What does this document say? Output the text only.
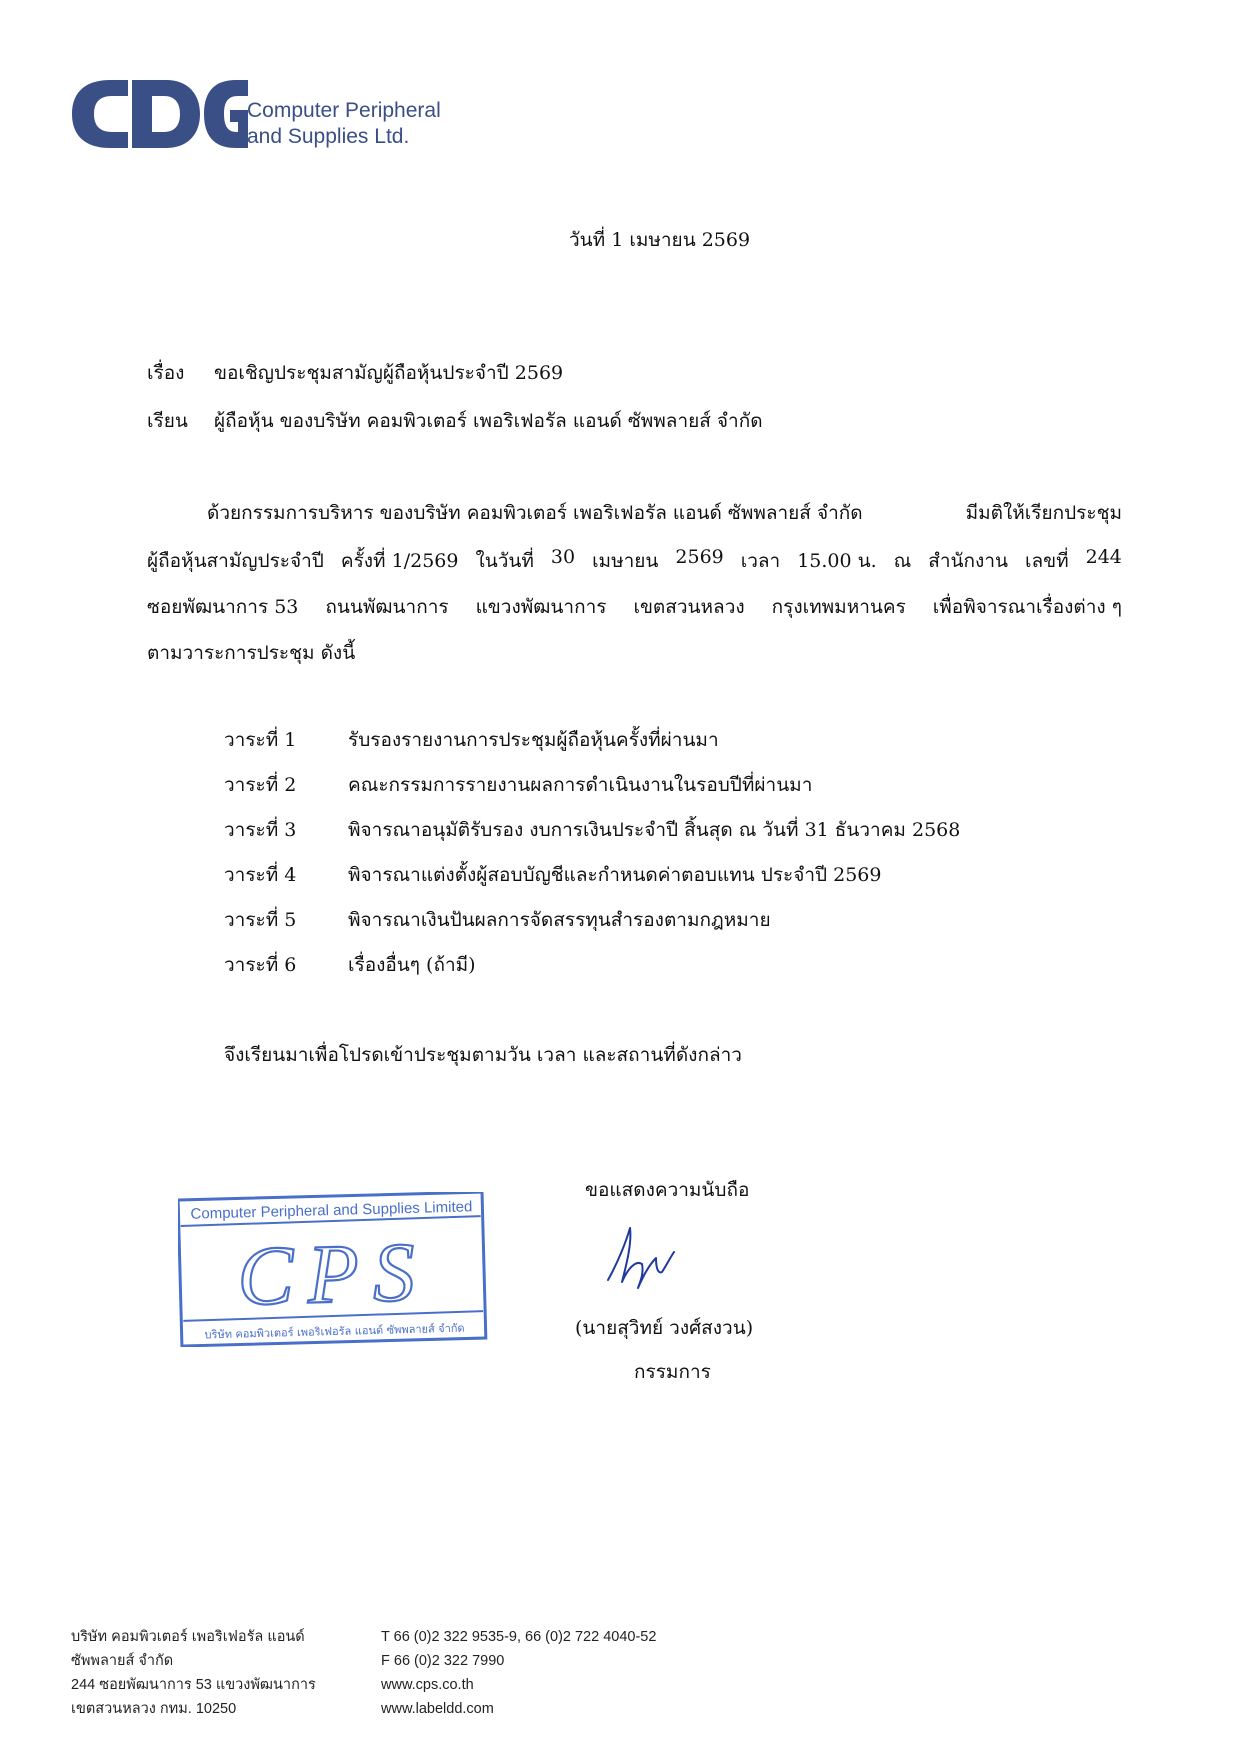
Computer Peripheral
and Supplies Ltd.
วันที่ 1 เมษายน 2569
เรื่อง ขอเชิญประชุมสามัญผู้ถือหุ้นประจำปี 2569
เรียน ผู้ถือหุ้น ของบริษัท คอมพิวเตอร์ เพอริเฟอรัล แอนด์ ซัพพลายส์ จำกัด
ด้วยกรรมการบริหาร ของบริษัท คอมพิวเตอร์ เพอริเฟอรัล แอนด์ ซัพพลายส์ จำกัด	มีมติให้เรียกประชุม
ผู้ถือหุ้นสามัญประจำปี ครั้งที่ 1/2569 ในวันที่ 30 เมษายน 2569 เวลา 15.00 น. ณ สำนักงาน เลขที่ 244
ซอยพัฒนาการ 53 ถนนพัฒนาการ แขวงพัฒนาการ เขตสวนหลวง กรุงเทพมหานคร เพื่อพิจารณาเรื่องต่าง ๆ
ตามวาระการประชุม ดังนี้
วาระที่ 1	รับรองรายงานการประชุมผู้ถือหุ้นครั้งที่ผ่านมา
วาระที่ 2	คณะกรรมการรายงานผลการดำเนินงานในรอบปีที่ผ่านมา
วาระที่ 3	พิจารณาอนุมัติรับรอง งบการเงินประจำปี สิ้นสุด ณ วันที่ 31 ธันวาคม 2568
วาระที่ 4	พิจารณาแต่งตั้งผู้สอบบัญชีและกำหนดค่าตอบแทน ประจำปี 2569
วาระที่ 5	พิจารณาเงินปันผลการจัดสรรทุนสำรองตามกฎหมาย
วาระที่ 6	เรื่องอื่นๆ (ถ้ามี)
จึงเรียนมาเพื่อโปรดเข้าประชุมตามวัน เวลา และสถานที่ดังกล่าว
ขอแสดงความนับถือ
Computer Peripheral and Supplies Limited
CPS
บริษัท คอมพิวเตอร์ เพอริเฟอรัล แอนด์ ซัพพลายส์ จำกัด	(นายสุวิทย์ วงศ์สงวน)
กรรมการ
บริษัท คอมพิวเตอร์ เพอริเฟอรัล แอนด์
ซัพพลายส์ จำกัด
244 ซอยพัฒนาการ 53 แขวงพัฒนาการ
เขตสวนหลวง กทม. 10250
T 66 (0)2 322 9535-9, 66 (0)2 722 4040-52
F 66 (0)2 322 7990
www.cps.co.th
www.labeldd.com
